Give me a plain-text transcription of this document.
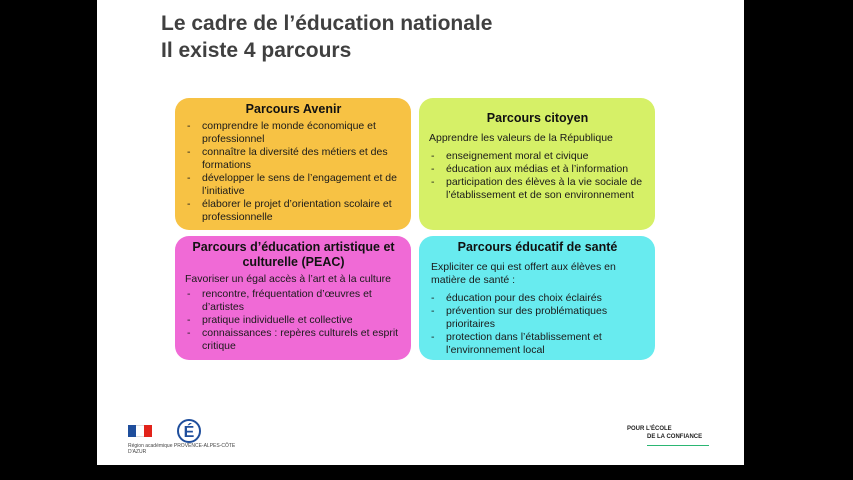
Le cadre de l’éducation nationale
Il existe 4 parcours
Parcours Avenir
- comprendre le monde économique et professionnel
- connaître la diversité des métiers et des formations
- développer le sens de l’engagement et de l’initiative
- élaborer le projet d’orientation scolaire et professionnelle
Parcours citoyen

Apprendre les valeurs de la République

- enseignement moral et civique
- éducation aux médias et à l’information
- participation des élèves à la vie sociale de l’établissement et de son environnement
Parcours d’éducation artistique et culturelle (PEAC)

Favoriser un égal accès à l’art et à la culture

- rencontre, fréquentation d’œuvres et d’artistes
- pratique individuelle et collective
- connaissances : repères culturels et esprit critique
Parcours éducatif de santé

Expliciter ce qui est offert aux élèves en matière de santé :

- éducation pour des choix éclairés
- prévention sur des problématiques prioritaires
- protection dans l’établissement et l’environnement local
É
Région académique PROVENCE-ALPES-CÔTE D'AZUR
POUR L’ÉCOLE
DE LA CONFIANCE
